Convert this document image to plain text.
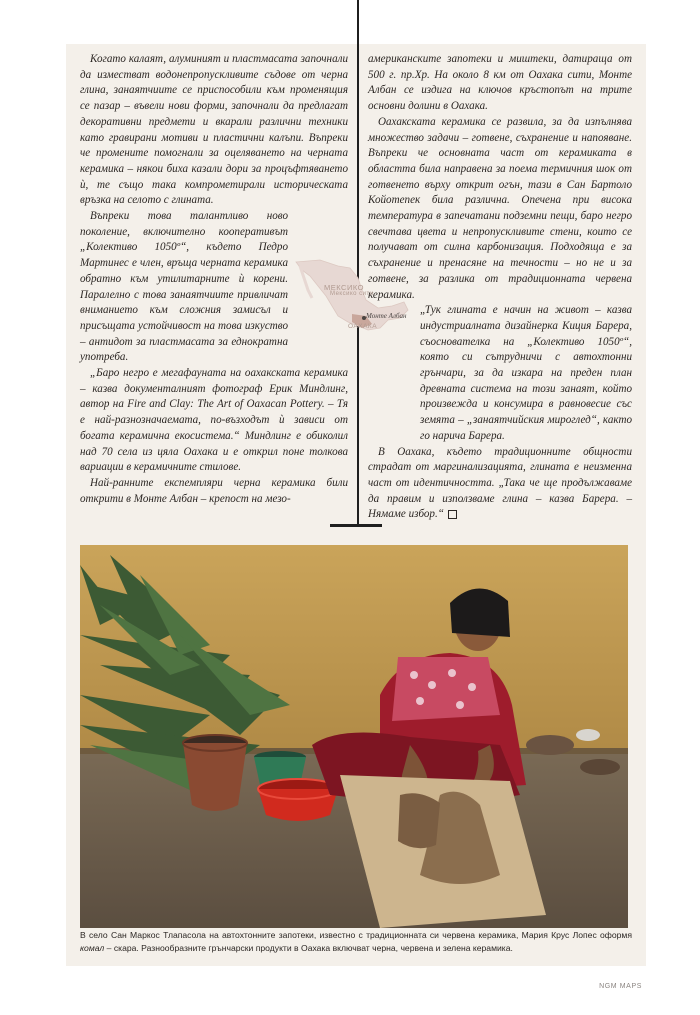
Когато калаят, алуминият и пластмасата започнали да изместват водонепропускливите съдове от черна глина, занаятчиите се приспособили към променящия се пазар – въвели нови форми, започнали да предлагат декоративни предмети и вкарали различни техники като гравирани мотиви и пластични калъпи. Въпреки че промените помогнали за оцеляването на черната керамика – някои биха казали дори за процъфтяването ѝ, те също така компрометирали историческата връзка на селото с глината.

Въпреки това талантливо ново поколение, включително кооперативът „Колективо 1050º“, където Педро Мартинес е член, връща черната керамика обратно към утилитарните ѝ корени. Паралелно с това занаятчиите привличат вниманието към сложния замисъл и присъщата устойчивост на това изкуство – антидот за пластмасата за еднократна употреба.

„Баро негро е мегафауната на оахакската керамика – казва документалният фотограф Ерик Миндлинг, автор на Fire and Clay: The Art of Oaxacan Pottery. – Тя е най-разнозначаемата, по-възходът ѝ зависи от богата керамична екосистема.“ Миндлинг е обиколил над 70 села из цяла Оахака и е открил поне толкова вариации в керамичните стилове.

Най-ранните експемпляри черна керамика били открити в Монте Албан – крепост на мезо-

американските запотеки и миштеки, датираща от 500 г. пр.Хр. На около 8 км от Оахака сити, Монте Албан се издига на ключов кръстопът на трите основни долини в Оахака.

Оахакската керамика се развила, за да изпълнява множество задачи – готвене, съхранение и напояване. Въпреки че основната част от керамиката в областта била направена за поема термичния шок от готвенето върху открит огън, тази в Сан Бартоло Койотепек била различна. Опечена при висока температура в запечатани подземни пещи, баро негро свечтава цвета и непропускливите стени, които се получават от силна карбонизация. Подходяща е за съхранение и пренасяне на течности – но не и за готвене, за разлика от традиционната червена керамика.

„Тук глината е начин на живот – казва индустриалната дизайнерка Киция Барера, съоснователка на „Колективо 1050º“, която си сътрудничи с автохтонни грънчари, за да изкара на преден план древната система на този занаят, който произвежда и консумира в равновесие със земята – „занаятчийския мироглед“, както го нарича Барера.

В Оахака, където традиционните общности страдат от маргинализацията, глината е неизменна част от идентичността. „Така че ще продължаваме да правим и използваме глина – казва Барера. – Нямаме избор.“

МЕКСИКО
Мексико сити
ОАХАКА
Монте Албан
В село Сан Маркос Тлапасола на автохтонните запотеки, известно с традиционната си червена керамика, Мария Крус Лопес оформя комал – скара. Разнообразните грънчарски продукти в Оахака включват черна, червена и зелена керамика.
NGM MAPS
